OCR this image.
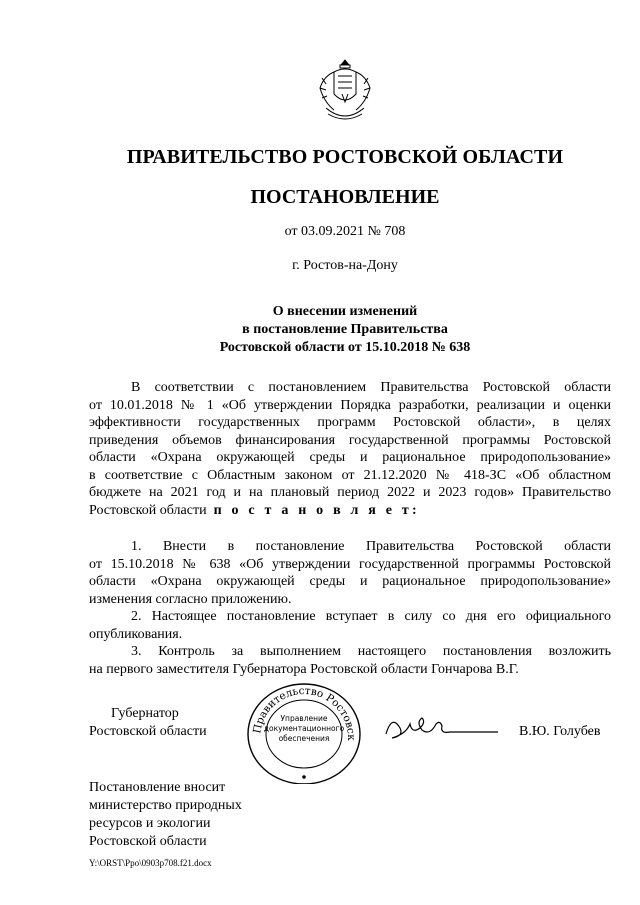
ПРАВИТЕЛЬСТВО РОСТОВСКОЙ ОБЛАСТИ
ПОСТАНОВЛЕНИЕ
от 03.09.2021 № 708
г. Ростов-на-Дону
О внесении изменений
в постановление Правительства
Ростовской области от 15.10.2018 № 638
В соответствии с постановлением Правительства Ростовской области
от 10.01.2018 № 1 «Об утверждении Порядка разработки, реализации и оценки
эффективности государственных программ Ростовской области», в целях
приведения объемов финансирования государственной программы Ростовской
области «Охрана окружающей среды и рациональное природопользование»
в соответствие с Областным законом от 21.12.2020 № 418-ЗС «Об областном
бюджете на 2021 год и на плановый период 2022 и 2023 годов» Правительство
Ростовской области п о с т а н о в л я е т:
1. Внести в постановление Правительства Ростовской области
от 15.10.2018 № 638 «Об утверждении государственной программы Ростовской
области «Охрана окружающей среды и рациональное природопользование»
изменения согласно приложению.
2. Настоящее постановление вступает в силу со дня его официального
опубликования.
3. Контроль за выполнением настоящего постановления возложить
на первого заместителя Губернатора Ростовской области Гончарова В.Г.
Губернатор
Ростовской области	Правительство Ростовск
Управление
документационного
обеспечения	В.Ю. Голубев
Постановление вносит
министерство природных
ресурсов и экологии
Ростовской области
Y:\ORST\Ppo\0903p708.f21.docx
